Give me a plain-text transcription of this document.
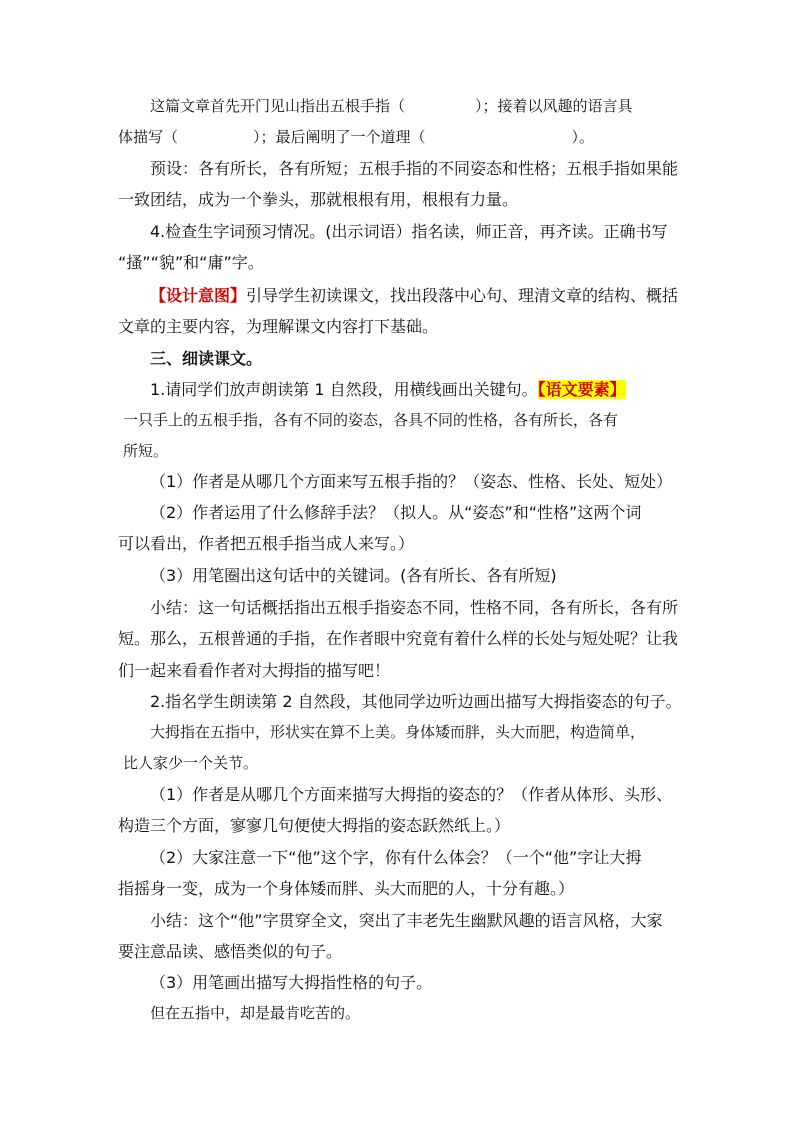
这篇文章首先开门见山指出五根手指（	）；接着以风趣的语言具
体描写（	）；最后阐明了一个道理（	）。
预设：各有所长，各有所短；五根手指的不同姿态和性格；五根手指如果能
一致团结，成为一个拳头，那就根根有用，根根有力量。
4.检查生字词预习情况。(出示词语）指名读，师正音，再齐读。正确书写
“搔”“貌”和“庸”字。
【设计意图】引导学生初读课文，找出段落中心句、理清文章的结构、概括
文章的主要内容，为理解课文内容打下基础。
三、细读课文。
1.请同学们放声朗读第 1 自然段，用横线画出关键句。【语文要素】
一只手上的五根手指，各有不同的姿态，各具不同的性格，各有所长，各有
所短。
（1）作者是从哪几个方面来写五根手指的？（姿态、性格、长处、短处）
（2）作者运用了什么修辞手法？（拟人。从“姿态”和“性格”这两个词
可以看出，作者把五根手指当成人来写。）
（3）用笔圈出这句话中的关键词。(各有所长、各有所短)
小结：这一句话概括指出五根手指姿态不同，性格不同，各有所长，各有所
短。那么，五根普通的手指，在作者眼中究竟有着什么样的长处与短处呢？让我
们一起来看看作者对大拇指的描写吧！
2.指名学生朗读第 2 自然段，其他同学边听边画出描写大拇指姿态的句子。
大拇指在五指中，形状实在算不上美。身体矮而胖，头大而肥，构造简单，
比人家少一个关节。
（1）作者是从哪几个方面来描写大拇指的姿态的？（作者从体形、头形、
构造三个方面，寥寥几句便使大拇指的姿态跃然纸上。）
（2）大家注意一下“他”这个字，你有什么体会？（一个“他”字让大拇
指摇身一变，成为一个身体矮而胖、头大而肥的人，十分有趣。）
小结：这个“他”字贯穿全文，突出了丰老先生幽默风趣的语言风格，大家
要注意品读、感悟类似的句子。
（3）用笔画出描写大拇指性格的句子。
但在五指中，却是最肯吃苦的。
